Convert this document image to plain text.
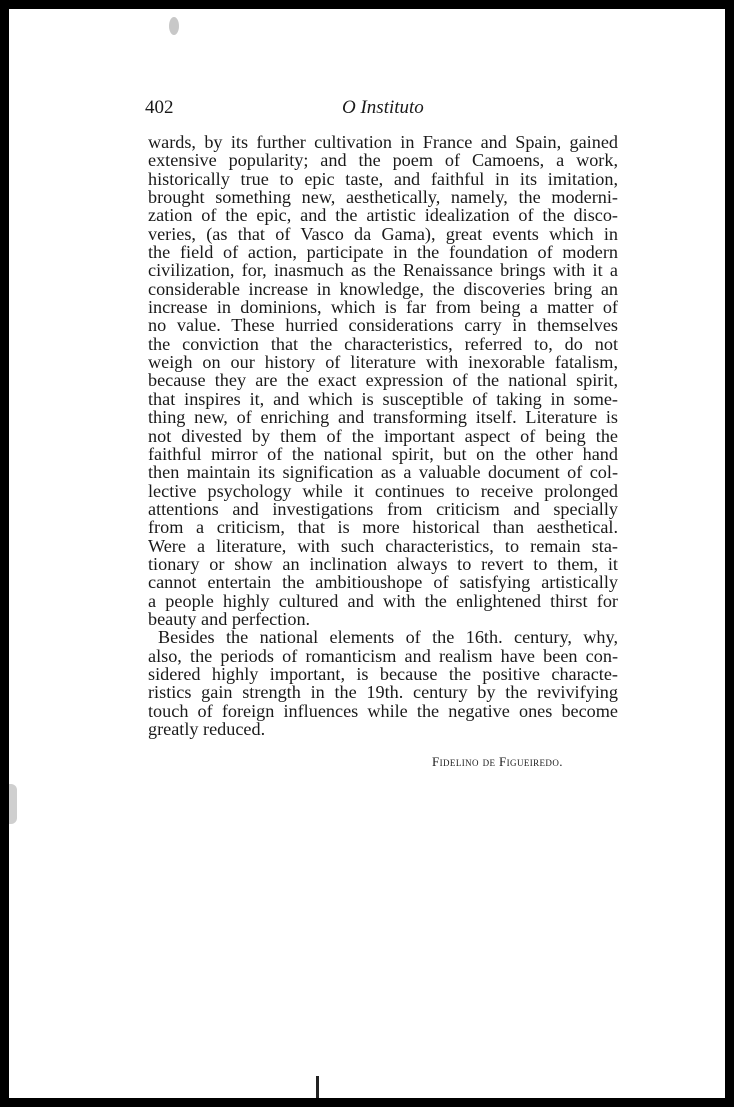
402	O Instituto
wards, by its further cultivation in France and Spain, gained
extensive popularity; and the poem of Camoens, a work,
historically true to epic taste, and faithful in its imitation,
brought something new, aesthetically, namely, the moderni-
zation of the epic, and the artistic idealization of the disco-
veries, (as that of Vasco da Gama), great events which in
the field of action, participate in the foundation of modern
civilization, for, inasmuch as the Renaissance brings with it a
considerable increase in knowledge, the discoveries bring an
increase in dominions, which is far from being a matter of
no value. These hurried considerations carry in themselves
the conviction that the characteristics, referred to, do not
weigh on our history of literature with inexorable fatalism,
because they are the exact expression of the national spirit,
that inspires it, and which is susceptible of taking in some-
thing new, of enriching and transforming itself. Literature is
not divested by them of the important aspect of being the
faithful mirror of the national spirit, but on the other hand
then maintain its signification as a valuable document of col-
lective psychology while it continues to receive prolonged
attentions and investigations from criticism and specially
from a criticism, that is more historical than aesthetical.
Were a literature, with such characteristics, to remain sta-
tionary or show an inclination always to revert to them, it
cannot entertain the ambitioushope of satisfying artistically
a people highly cultured and with the enlightened thirst for
beauty and perfection.
Besides the national elements of the 16th. century, why,
also, the periods of romanticism and realism have been con-
sidered highly important, is because the positive characte-
ristics gain strength in the 19th. century by the revivifying
touch of foreign influences while the negative ones become
greatly reduced.
Fidelino de Figueiredo.
